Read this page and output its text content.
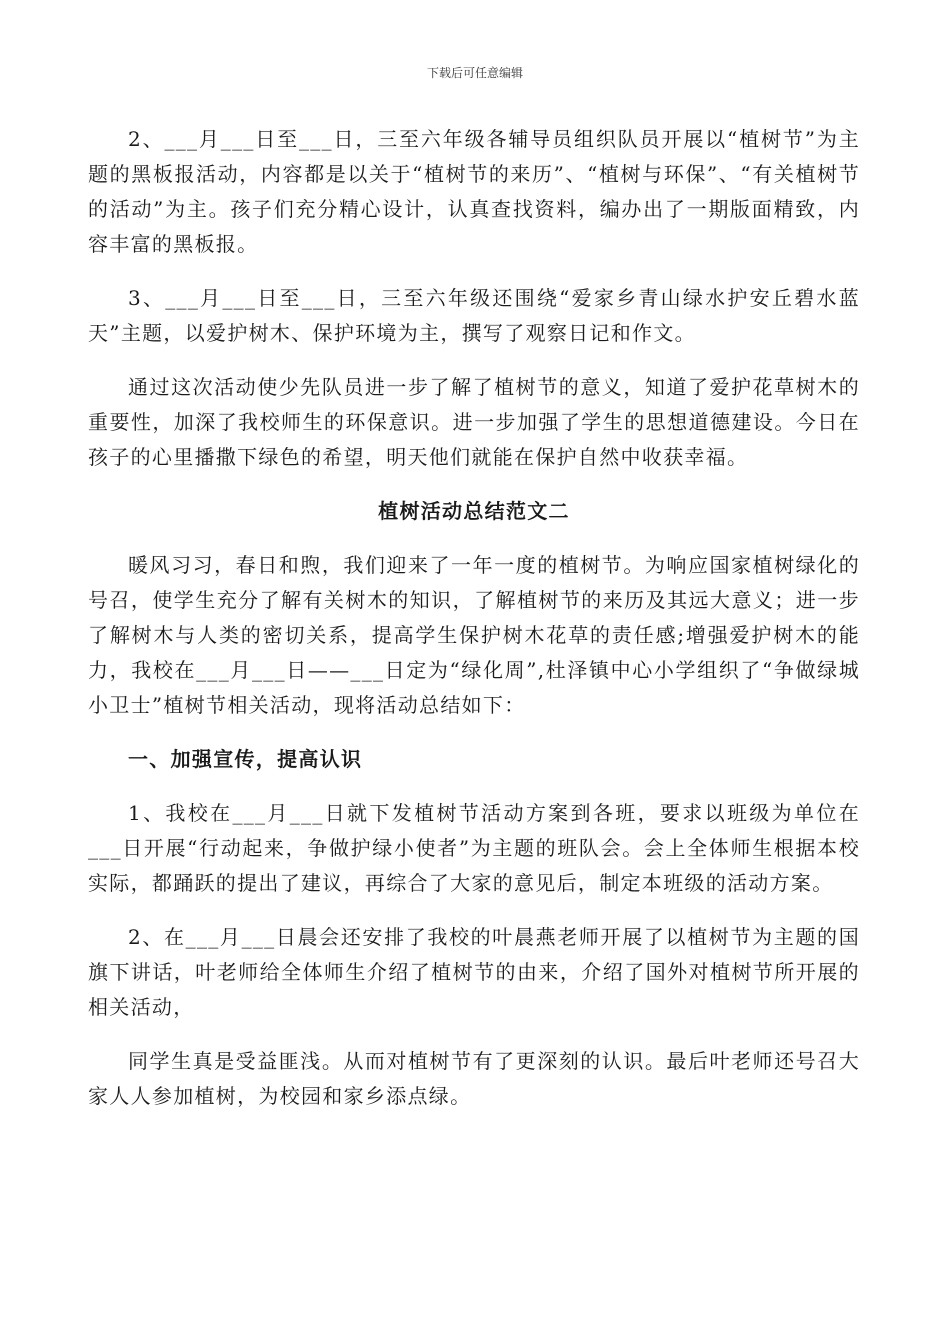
下载后可任意编辑

2、___月___日至___日，三至六年级各辅导员组织队员开展以“植树节”为主题的黑板报活动，内容都是以关于“植树节的来历”、“植树与环保”、“有关植树节的活动”为主。孩子们充分精心设计，认真查找资料，编办出了一期版面精致，内容丰富的黑板报。

3、___月___日至___日，三至六年级还围绕“爱家乡青山绿水护安丘碧水蓝天”主题，以爱护树木、保护环境为主，撰写了观察日记和作文。

通过这次活动使少先队员进一步了解了植树节的意义，知道了爱护花草树木的重要性，加深了我校师生的环保意识。进一步加强了学生的思想道德建设。今日在孩子的心里播撒下绿色的希望，明天他们就能在保护自然中收获幸福。

植树活动总结范文二

暖风习习，春日和煦，我们迎来了一年一度的植树节。为响应国家植树绿化的号召，使学生充分了解有关树木的知识，了解植树节的来历及其远大意义；进一步了解树木与人类的密切关系，提高学生保护树木花草的责任感;增强爱护树木的能力，我校在___月___日——___日定为“绿化周”,杜泽镇中心小学组织了“争做绿城小卫士”植树节相关活动，现将活动总结如下：

一、加强宣传，提高认识

1、我校在___月___日就下发植树节活动方案到各班，要求以班级为单位在___日开展“行动起来，争做护绿小使者”为主题的班队会。会上全体师生根据本校实际，都踊跃的提出了建议，再综合了大家的意见后，制定本班级的活动方案。

2、在___月___日晨会还安排了我校的叶晨燕老师开展了以植树节为主题的国旗下讲话，叶老师给全体师生介绍了植树节的由来，介绍了国外对植树节所开展的相关活动，

同学生真是受益匪浅。从而对植树节有了更深刻的认识。最后叶老师还号召大家人人参加植树，为校园和家乡添点绿。
